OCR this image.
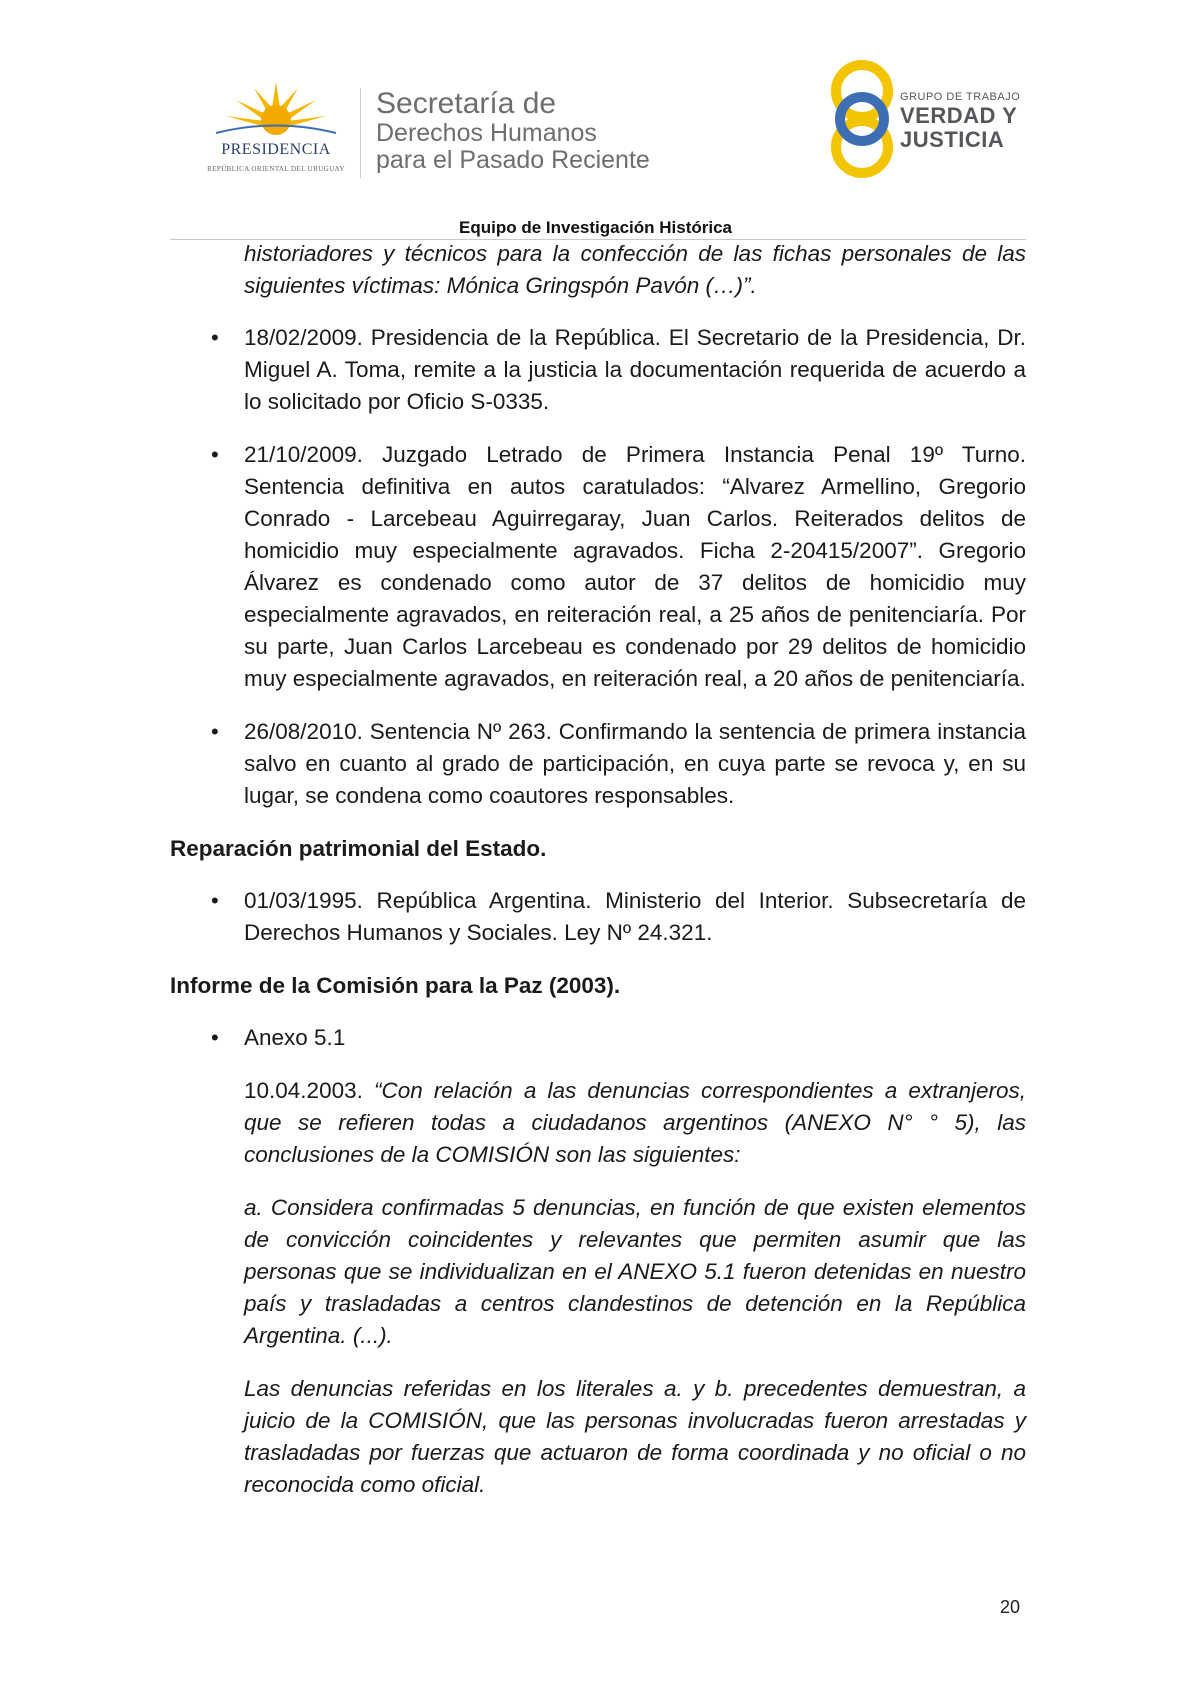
PRESIDENCIA
REPÚBLICA ORIENTAL DEL URUGUAY
Secretaría de
Derechos Humanos
para el Pasado Reciente
GRUPO DE TRABAJO
VERDAD Y
JUSTICIA
Equipo de Investigación Histórica

historiadores y técnicos para la confección de las fichas personales de las siguientes víctimas: Mónica Gringspón Pavón (…)”.

• 18/02/2009. Presidencia de la República. El Secretario de la Presidencia, Dr. Miguel A. Toma, remite a la justicia la documentación requerida de acuerdo a lo solicitado por Oficio S-0335.
• 21/10/2009. Juzgado Letrado de Primera Instancia Penal 19º Turno. Sentencia definitiva en autos caratulados: “Alvarez Armellino, Gregorio Conrado - Larcebeau Aguirregaray, Juan Carlos. Reiterados delitos de homicidio muy especialmente agravados. Ficha 2-20415/2007”. Gregorio Álvarez es condenado como autor de 37 delitos de homicidio muy especialmente agravados, en reiteración real, a 25 años de penitenciaría. Por su parte, Juan Carlos Larcebeau es condenado por 29 delitos de homicidio muy especialmente agravados, en reiteración real, a 20 años de penitenciaría.
• 26/08/2010. Sentencia Nº 263. Confirmando la sentencia de primera instancia salvo en cuanto al grado de participación, en cuya parte se revoca y, en su lugar, se condena como coautores responsables.

Reparación patrimonial del Estado.

• 01/03/1995. República Argentina. Ministerio del Interior. Subsecretaría de Derechos Humanos y Sociales. Ley Nº 24.321.

Informe de la Comisión para la Paz (2003).

• Anexo 5.1

10.04.2003. “Con relación a las denuncias correspondientes a extranjeros, que se refieren todas a ciudadanos argentinos (ANEXO N° ° 5), las conclusiones de la COMISIÓN son las siguientes:

a. Considera confirmadas 5 denuncias, en función de que existen elementos de convicción coincidentes y relevantes que permiten asumir que las personas que se individualizan en el ANEXO 5.1 fueron detenidas en nuestro país y trasladadas a centros clandestinos de detención en la República Argentina. (...).

Las denuncias referidas en los literales a. y b. precedentes demuestran, a juicio de la COMISIÓN, que las personas involucradas fueron arrestadas y trasladadas por fuerzas que actuaron de forma coordinada y no oficial o no reconocida como oficial.

20
